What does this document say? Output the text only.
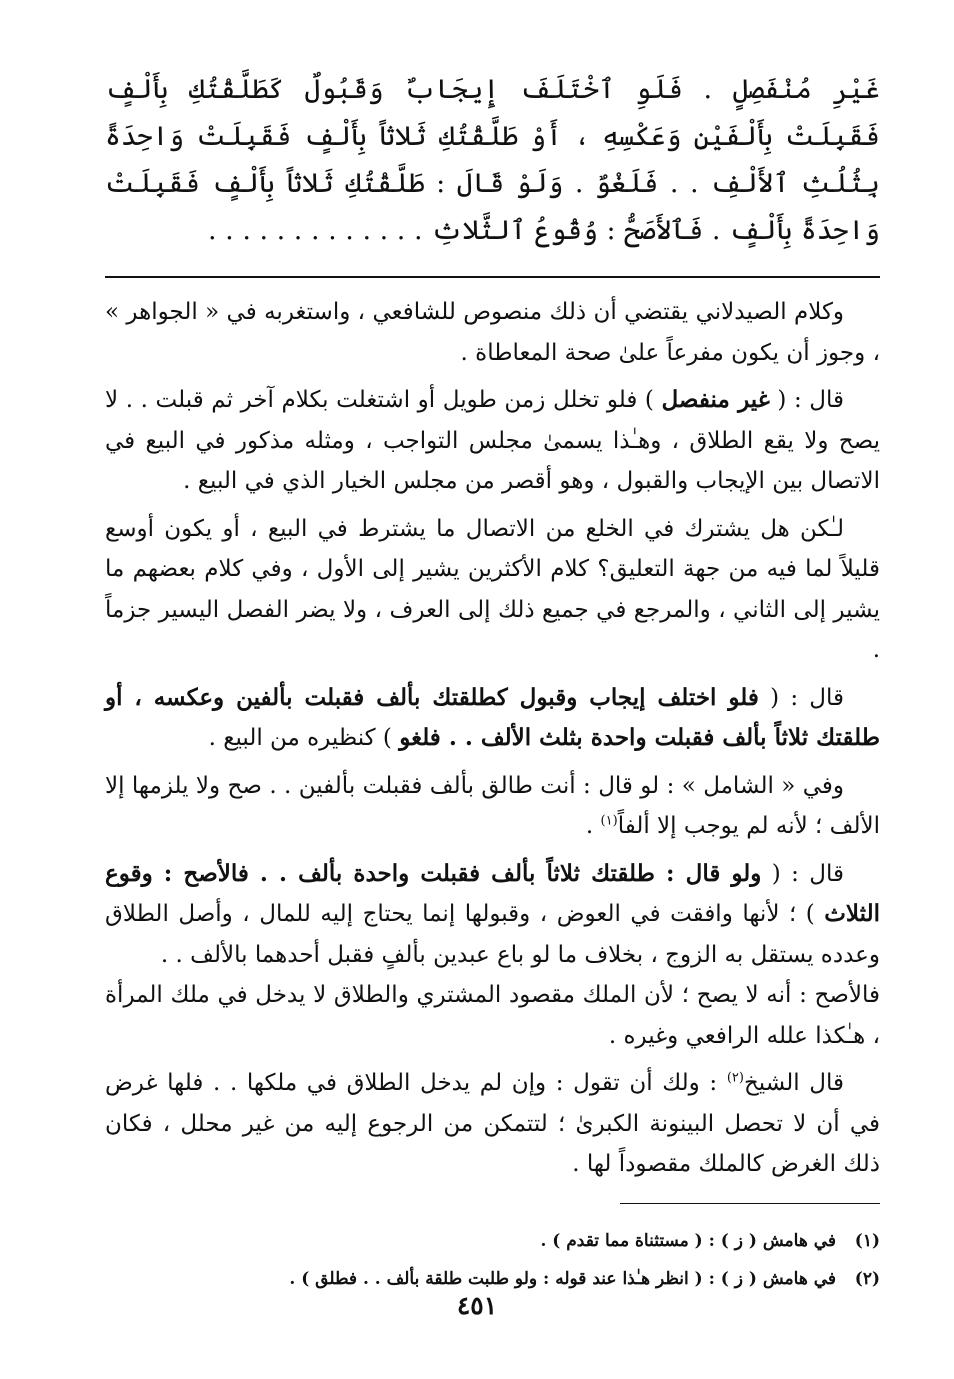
غَيْرِ مُنْفَصِلٍ . فَلَوِ ٱخْتَلَفَ إِيجَابٌ وَقَبُولٌ كَطَلَّقْتُكِ بِأَلْفٍ فَقَبِلَتْ بِأَلْفَيْنِ وَعَكْسِهِ ، أَوْ طَلَّقْتُكِ ثَلاثاً بِأَلْفٍ فَقَبِلَتْ وَاحِدَةً بِثُلُثِ ٱلأَلْفِ . . فَلَغْوٌ . وَلَوْ قَالَ : طَلَّقْتُكِ ثَلاثاً بِأَلْفٍ فَقَبِلَتْ وَاحِدَةً بِأَلْفٍ . فَٱلأَصَحُّ : وُقُوعُ ٱلثَّلاثِ . . . . . . . . . . . . .

وكلام الصيدلاني يقتضي أن ذلك منصوص للشافعي ، واستغربه في « الجواهر » ، وجوز أن يكون مفرعاً علىٰ صحة المعاطاة .

قال : ( غير منفصل ) فلو تخلل زمن طويل أو اشتغلت بكلام آخر ثم قبلت . . لا يصح ولا يقع الطلاق ، وهـٰذا يسمىٰ مجلس التواجب ، ومثله مذكور في البيع في الاتصال بين الإيجاب والقبول ، وهو أقصر من مجلس الخيار الذي في البيع .

لـٰكن هل يشترك في الخلع من الاتصال ما يشترط في البيع ، أو يكون أوسع قليلاً لما فيه من جهة التعليق؟ كلام الأكثرين يشير إلى الأول ، وفي كلام بعضهم ما يشير إلى الثاني ، والمرجع في جميع ذلك إلى العرف ، ولا يضر الفصل اليسير جزماً .

قال : ( فلو اختلف إيجاب وقبول كطلقتك بألف فقبلت بألفين وعكسه ، أو طلقتك ثلاثاً بألف فقبلت واحدة بثلث الألف . . فلغو ) كنظيره من البيع .

وفي « الشامل » : لو قال : أنت طالق بألف فقبلت بألفين . . صح ولا يلزمها إلا الألف ؛ لأنه لم يوجب إلا ألفاً$^{(١)}$ .

قال : ( ولو قال : طلقتك ثلاثاً بألف فقبلت واحدة بألف . . فالأصح : وقوع الثلاث ) ؛ لأنها وافقت في العوض ، وقبولها إنما يحتاج إليه للمال ، وأصل الطلاق وعدده يستقل به الزوج ، بخلاف ما لو باع عبدين بألفٍ فقبل أحدهما بالألف . .

فالأصح : أنه لا يصح ؛ لأن الملك مقصود المشتري والطلاق لا يدخل في ملك المرأة ، هـٰكذا علله الرافعي وغيره .

قال الشيخ$^{(٢)}$ : ولك أن تقول : وإن لم يدخل الطلاق في ملكها . . فلها غرض في أن لا تحصل البينونة الكبرىٰ ؛ لتتمكن من الرجوع إليه من غير محلل ، فكان ذلك الغرض كالملك مقصوداً لها .

(١)في هامش ( ز ) : ( مستثناة مما تقدم ) .

(٢)في هامش ( ز ) : ( انظر هـٰذا عند قوله : ولو طلبت طلقة بألف . . فطلق ) .

٤٥١
